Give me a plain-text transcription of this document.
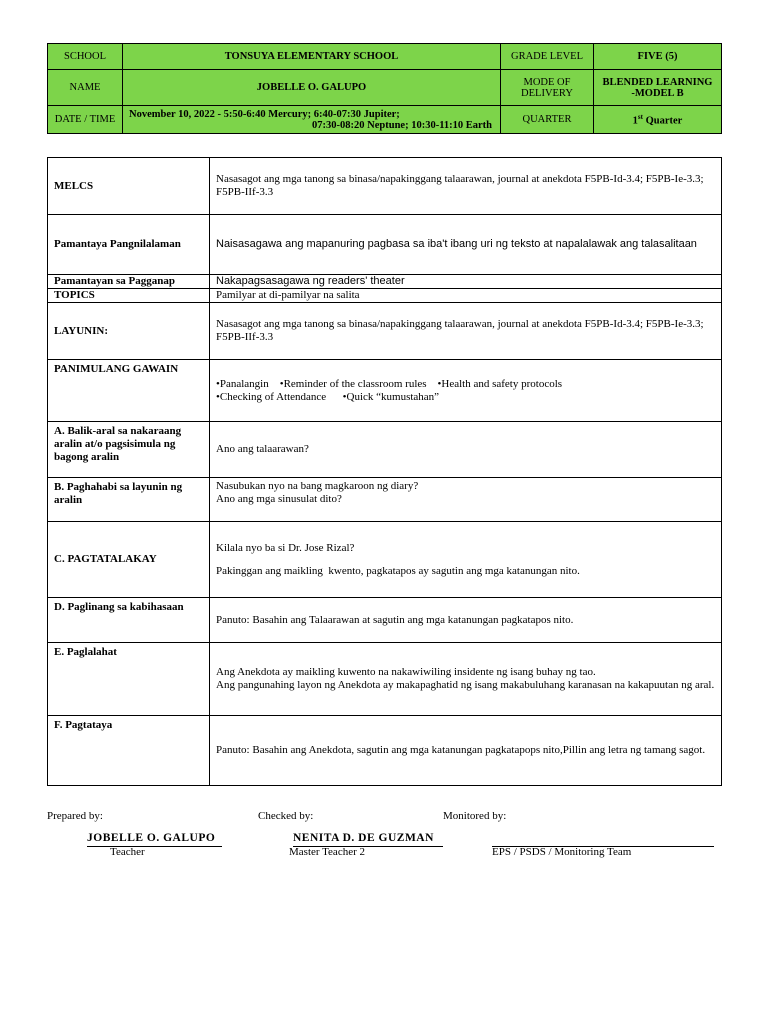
SCHOOL	TONSUYA ELEMENTARY SCHOOL	GRADE LEVEL	FIVE (5)
NAME	JOBELLE O. GALUPO	MODE OF DELIVERY	BLENDED LEARNING
-MODEL B

DATE / TIME	November 10, 2022 - 5:50-6:40 Mercury; 6:40-07:30 Jupiter;
07:30-08:20 Neptune; 10:30-11:10 Earth	QUARTER	1st Quarter
MELCS	Nasasagot ang mga tanong sa binasa/napakinggang talaarawan, journal at anekdota F5PB-Id-3.4; F5PB-Ie-3.3; F5PB-IIf-3.3
Pamantaya Pangnilalaman	Naisasagawa ang mapanuring pagbasa sa iba't ibang uri ng teksto at napalalawak ang talasalitaan
Pamantayan sa Pagganap	Nakapagsasagawa ng readers' theater
TOPICS	Pamilyar at di-pamilyar na salita
LAYUNIN:	Nasasagot ang mga tanong sa binasa/napakinggang talaarawan, journal at anekdota F5PB-Id-3.4; F5PB-Ie-3.3; F5PB-IIf-3.3
PANIMULANG GAWAIN	•Panalangin    •Reminder of the classroom rules    •Health and safety protocols
•Checking of Attendance      •Quick “kumustahan”

A. Balik-aral sa nakaraang aralin at/o pagsisimula ng bagong aralin	Ano ang talaarawan?
B. Paghahabi sa layunin ng aralin	Nasubukan nyo na bang magkaroon ng diary?
Ano ang mga sinusulat dito?

C. PAGTATALAKAY	Kilala nyo ba si Dr. Jose Rizal?
Pakinggan ang maikling  kwento, pagkatapos ay sagutin ang mga katanungan nito.

D. Paglinang sa kabihasaan	Panuto: Basahin ang Talaarawan at sagutin ang mga katanungan pagkatapos nito.
E. Paglalahat	Ang Anekdota ay maikling kuwento na nakawiwiling insidente ng isang buhay ng tao.
Ang pangunahing layon ng Anekdota ay makapaghatid ng isang makabuluhang karanasan na kakapuutan ng aral.

F. Pagtataya	Panuto: Basahin ang Anekdota, sagutin ang mga katanungan pagkatapops nito,Pillin ang letra ng tamang sagot.
Prepared by:	Checked by:	Monitored by:
JOBELLE O. GALUPO	NENITA D. DE GUZMAN
Teacher	Master Teacher 2	EPS / PSDS / Monitoring Team
